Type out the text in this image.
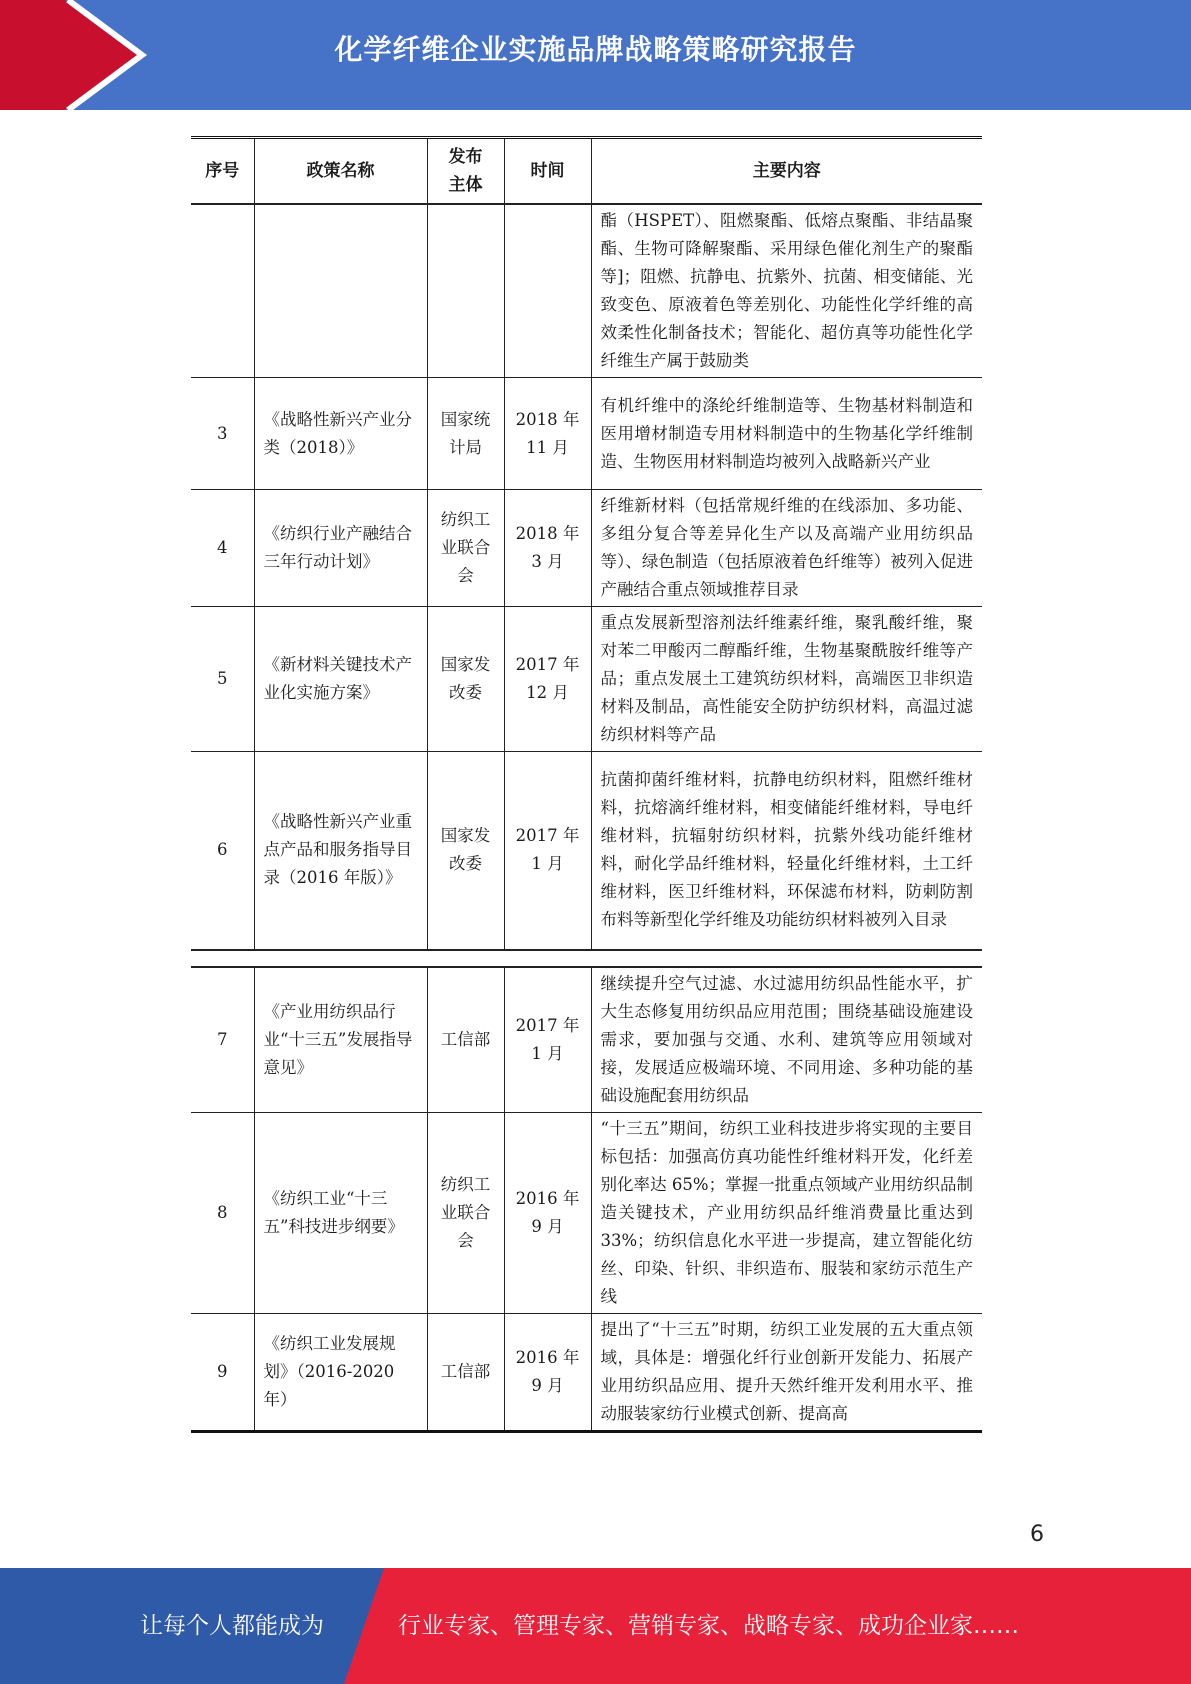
化学纤维企业实施品牌战略策略研究报告
序号	政策名称	发布主体	时间	主要内容
				酯（HSPET）、阻燃聚酯、低熔点聚酯、非结晶聚酯、生物可降解聚酯、采用绿色催化剂生产的聚酯等]；阻燃、抗静电、抗紫外、抗菌、相变储能、光致变色、原液着色等差别化、功能性化学纤维的高效柔性化制备技术；智能化、超仿真等功能性化学纤维生产属于鼓励类
3	《战略性新兴产业分类（2018）》	国家统计局	2018 年 11 月	有机纤维中的涤纶纤维制造等、生物基材料制造和医用增材制造专用材料制造中的生物基化学纤维制造、生物医用材料制造均被列入战略新兴产业
4	《纺织行业产融结合三年行动计划》	纺织工业联合会	2018 年 3 月	纤维新材料（包括常规纤维的在线添加、多功能、多组分复合等差异化生产以及高端产业用纺织品等）、绿色制造（包括原液着色纤维等）被列入促进产融结合重点领域推荐目录
5	《新材料关键技术产业化实施方案》	国家发改委	2017 年 12 月	重点发展新型溶剂法纤维素纤维，聚乳酸纤维，聚对苯二甲酸丙二醇酯纤维，生物基聚酰胺纤维等产品；重点发展土工建筑纺织材料，高端医卫非织造材料及制品，高性能安全防护纺织材料，高温过滤纺织材料等产品
6	《战略性新兴产业重点产品和服务指导目录（2016 年版）》	国家发改委	2017 年 1 月	抗菌抑菌纤维材料，抗静电纺织材料，阻燃纤维材料，抗熔滴纤维材料，相变储能纤维材料，导电纤维材料，抗辐射纺织材料，抗紫外线功能纤维材料，耐化学品纤维材料，轻量化纤维材料，土工纤维材料，医卫纤维材料，环保滤布材料，防刺防割布料等新型化学纤维及功能纺织材料被列入目录
7	《产业用纺织品行业“十三五”发展指导意见》	工信部	2017 年 1 月	继续提升空气过滤、水过滤用纺织品性能水平，扩大生态修复用纺织品应用范围；围绕基础设施建设需求，要加强与交通、水利、建筑等应用领域对接，发展适应极端环境、不同用途、多种功能的基础设施配套用纺织品
8	《纺织工业“十三五”科技进步纲要》	纺织工业联合会	2016 年 9 月	“十三五”期间，纺织工业科技进步将实现的主要目标包括：加强高仿真功能性纤维材料开发，化纤差别化率达 65%；掌握一批重点领域产业用纺织品制造关键技术，产业用纺织品纤维消费量比重达到 33%；纺织信息化水平进一步提高，建立智能化纺丝、印染、针织、非织造布、服装和家纺示范生产线
9	《纺织工业发展规划》（2016-2020 年）	工信部	2016 年 9 月	提出了“十三五”时期，纺织工业发展的五大重点领域，具体是：增强化纤行业创新开发能力、拓展产业用纺织品应用、提升天然纤维开发利用水平、推动服装家纺行业模式创新、提高高
6
让每个人都能成为	行业专家、管理专家、营销专家、战略专家、成功企业家……
